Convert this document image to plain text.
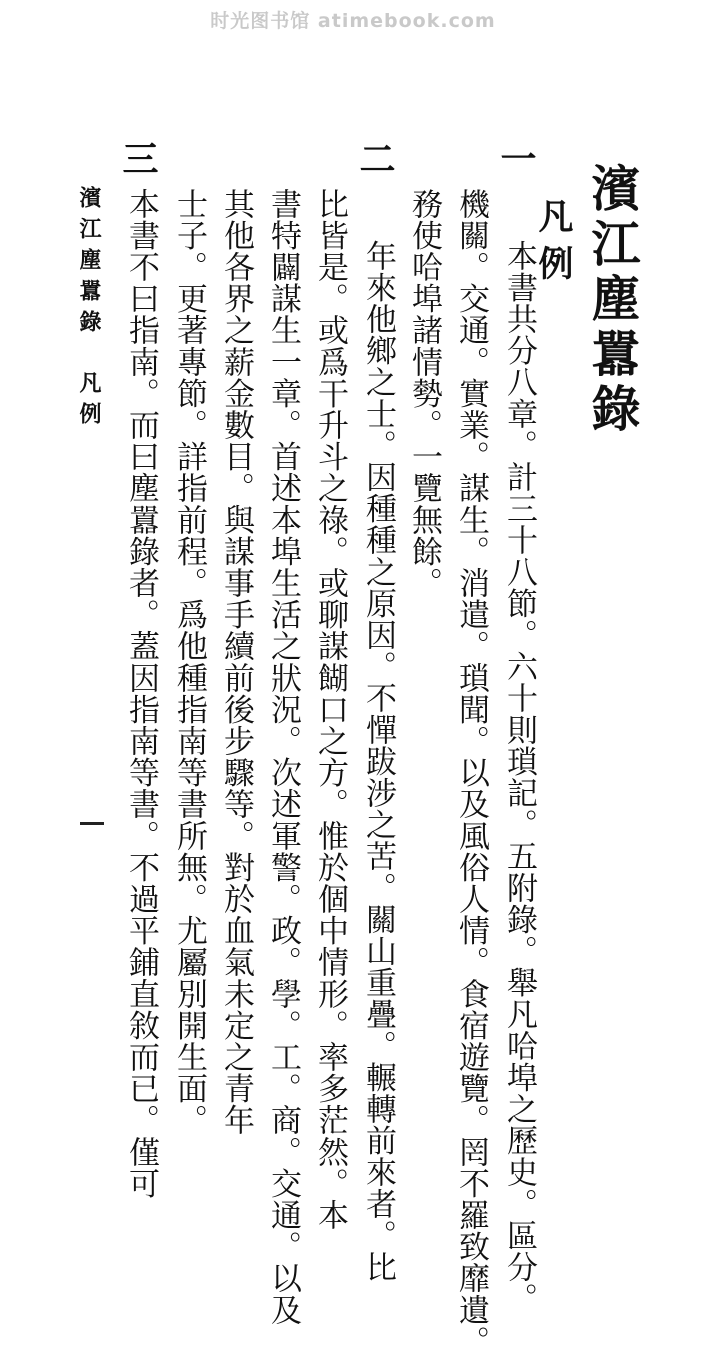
时光图书馆 atimebook.com
濱江塵囂錄
凡例
一
本書共分八章。計三十八節。六十則瑣記。五附錄。舉凡哈埠之歷史。區分。
機關。交通。實業。謀生。消遣。瑣聞。以及風俗人情。食宿遊覽。罔不羅致靡遺。
務使哈埠諸情勢。一覽無餘。
二
年來他鄉之士。因種種之原因。不憚跋涉之苦。關山重疊。輾轉前來者。比
比皆是。或爲干升斗之祿。或聊謀餬口之方。惟於個中情形。率多茫然。本
書特闢謀生一章。首述本埠生活之狀況。次述軍警。政。學。工。商。交通。以及
其他各界之薪金數目。與謀事手續前後步驟等。對於血氣未定之青年
士子。更著專節。詳指前程。爲他種指南等書所無。尤屬別開生面。
三
本書不曰指南。而曰塵囂錄者。蓋因指南等書。不過平鋪直敘而已。僅可
濱江塵囂錄凡例
